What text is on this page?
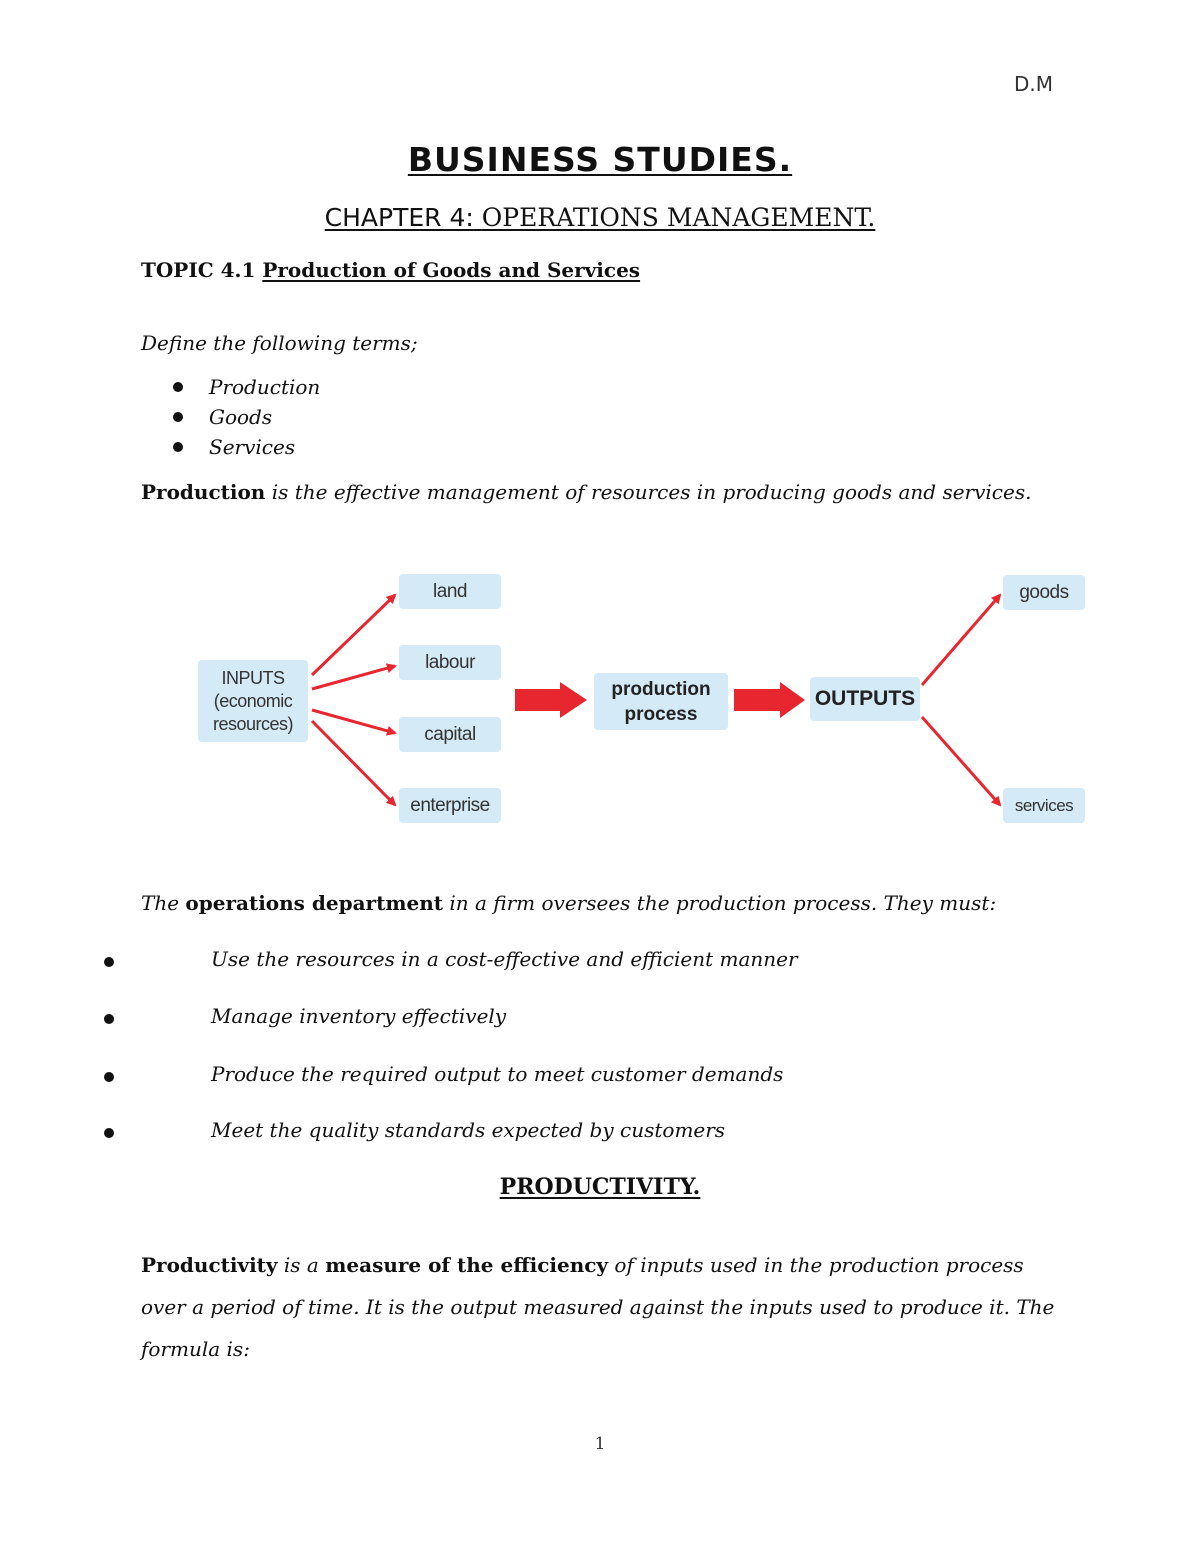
D.M
BUSINESS STUDIES.
CHAPTER 4: OPERATIONS MANAGEMENT.
TOPIC 4.1 Production of Goods and Services
Define the following terms;
Production
Goods
Services
Production is the effective management of resources in producing goods and services.
INPUTS
(economic
resources)
land
labour
capital
enterprise
production
process
OUTPUTS
goods
services
The operations department in a firm oversees the production process. They must:
Use the resources in a cost-effective and efficient manner
Manage inventory effectively
Produce the required output to meet customer demands
Meet the quality standards expected by customers
PRODUCTIVITY.
Productivity is a measure of the efficiency of inputs used in the production process over a period of time. It is the output measured against the inputs used to produce it. The formula is:
1
